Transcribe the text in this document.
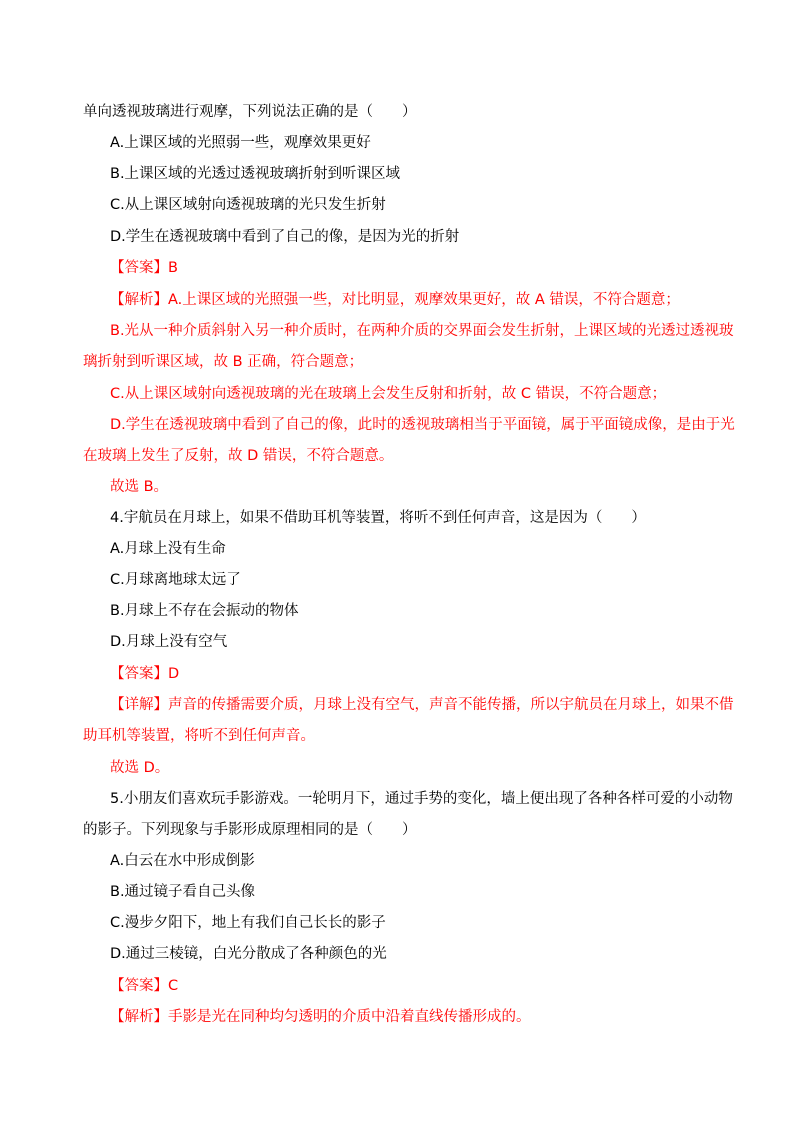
单向透视玻璃进行观摩，下列说法正确的是（　　）
A.上课区域的光照弱一些，观摩效果更好
B.上课区域的光透过透视玻璃折射到听课区域
C.从上课区域射向透视玻璃的光只发生折射
D.学生在透视玻璃中看到了自己的像，是因为光的折射
【答案】B
【解析】A.上课区域的光照强一些，对比明显，观摩效果更好，故 A 错误，不符合题意；
B.光从一种介质斜射入另一种介质时，在两种介质的交界面会发生折射，上课区域的光透过透视玻
璃折射到听课区域，故 B 正确，符合题意；
C.从上课区域射向透视玻璃的光在玻璃上会发生反射和折射，故 C 错误，不符合题意；
D.学生在透视玻璃中看到了自己的像，此时的透视玻璃相当于平面镜，属于平面镜成像，是由于光
在玻璃上发生了反射，故 D 错误，不符合题意。
故选 B。
4.宇航员在月球上，如果不借助耳机等装置，将听不到任何声音，这是因为（　　）
A.月球上没有生命
C.月球离地球太远了
B.月球上不存在会振动的物体
D.月球上没有空气
【答案】D
【详解】声音的传播需要介质，月球上没有空气，声音不能传播，所以宇航员在月球上，如果不借
助耳机等装置，将听不到任何声音。
故选 D。
5.小朋友们喜欢玩手影游戏。一轮明月下，通过手势的变化，墙上便出现了各种各样可爱的小动物
的影子。下列现象与手影形成原理相同的是（　　）
A.白云在水中形成倒影
B.通过镜子看自己头像
C.漫步夕阳下，地上有我们自己长长的影子
D.通过三棱镜，白光分散成了各种颜色的光
【答案】C
【解析】手影是光在同种均匀透明的介质中沿着直线传播形成的。
